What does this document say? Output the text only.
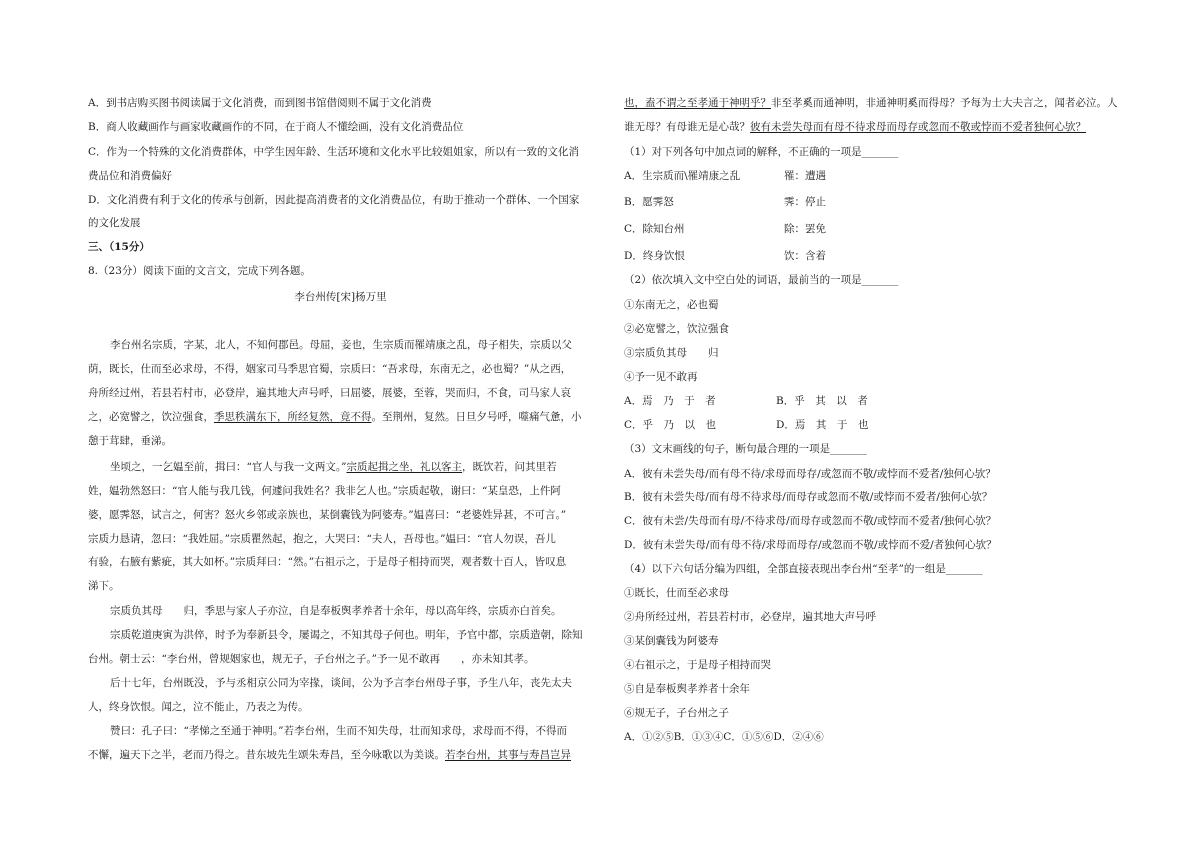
A．到书店购买图书阅读属于文化消费，而到图书馆借阅则不属于文化消费
B．商人收藏画作与画家收藏画作的不同，在于商人不懂绘画，没有文化消费品位
C．作为一个特殊的文化消费群体，中学生因年龄、生活环境和文化水平比较姐姐家，所以有一致的文化消
费品位和消费偏好
D．文化消费有利于文化的传承与创新，因此提高消费者的文化消费品位，有助于推动一个群体、一个国家
的文化发展
三、（15分）
8.（23分）阅读下面的文言文，完成下列各题。
李台州传[宋]杨万里
李台州名宗质，字某，北人，不知何郡邑。母屈，妾也，生宗质而罹靖康之乱，母子相失，宗质以父
荫，既长，仕而至必求母，不得，姻家司马季思官蜀，宗质曰：“吾求母，东南无之，必也蜀？”从之西，
舟所经过州，若县若村市，必登岸，遍其地大声号呼，曰屈婆，展婆，至蓉，哭而归，不食，司马家人哀
之，必宽譬之，饮泣强食，季思秩满东下，所经复然，竟不得。至荆州，复然。日旦夕号呼，噬痛气惫，小
憩于茸肆，垂涕。
坐顷之，一乞媪至前，揖曰：“官人与我一文两文。”宗质起揖之坐，礼以客主，既饮若，问其里若
姓，媪勃然怒曰：“官人能与我几钱，何遽问我姓名？我非乞人也。”宗质起敬，谢曰：“某皇恐，上件阿
婆，愿霁怒，试言之，何害？怒火乡邻或亲族也，某倒囊钱为阿婆寿。”媪喜曰：“老婆姓异甚，不可言。”
宗质力恳请，忽曰：“我姓屈。”宗质瞿然起，抱之，大哭曰：“夫人，吾母也。”媪曰：“官人勿误，吾儿
有验，右腋有紫疵，其大如杯。”宗质拜曰：“然。”右祖示之，于是母子相持而哭，观者数十百人，皆叹息
涕下。
宗质负其母　　归，季思与家人子亦泣，自是奉板舆孝养者十余年，母以高年终，宗质亦白首矣。
宗质乾道庚寅为洪倅，时予为奉新县令，屡谒之，不知其母子何也。明年，予官中都，宗质造朝，除知
台州。朝士云：“李台州，曾规姻家也，规无子，子台州之子。”予一见不敢再　　，亦未知其孝。
后十七年，台州既没，予与丞相京公同为宰掾，谈间，公为予言李台州母子事，予生八年，丧先太夫
人，终身饮恨。闻之，泣不能止，乃表之为传。
赞曰：孔子曰：“孝悌之至通于神明。”若李台州，生而不知失母，壮而知求母，求母而不得，不得而
不懈，遍天下之半，老而乃得之。昔东坡先生颂朱寿昌，至今咏歌以为美谈。若李台州，其事与寿昌岂异
也，盍不谓之至孝通于神明乎？非至孝奚而通神明，非通神明奚而得母？予每为士大夫言之，闻者必泣。人
谁无母？有母谁无是心哉？彼有未尝失母而有母不待求母而母存或忽而不敬或悖而不爱者独何心欤？
（1）对下列各句中加点词的解释，不正确的一项是_______
A．生宗质而\罹靖康之乱	罹：遭遇
B．愿霁怒	霁：停止
C．除知台州	除：罢免
D．终身饮恨	饮：含着
（2）依次填入文中空白处的词语，最前当的一项是_______
①东南无之，必也蜀
②必宽譬之，饮泣强食
③宗质负其母　　归
④予一见不敢再
A．焉　乃　于　者	B．乎　其　以　者
C．乎　乃　以　也	D．焉　其　于　也
（3）文末画线的句子，断句最合理的一项是_______
A．彼有未尝失母/而有母不待/求母而母存/或忽而不敬/或悖而不爱者/独何心欤？
B．彼有未尝失母/而有母不待求母/而母存或忽而不敬/或悖而不爱者/独何心欤？
C．彼有未尝/失母而有母/不待求母/而母存或忽而不敬/或悖而不爱者/独何心欤？
D．彼有未尝失母/而有母不待/求母而母存/或忽而不敬/或悖而不爱/者独何心欤？
（4）以下六句话分编为四组，全部直接表现出李台州“至孝”的一组是_______
①既长，仕而至必求母
②舟所经过州，若县若村市，必登岸，遍其地大声号呼
③某倒囊钱为阿婆寿
④右祖示之，于是母子相持而哭
⑤自是奉板舆孝养者十余年
⑥规无子，子台州之子
A．①②⑤B．①③④C．①⑤⑥D．②④⑥
